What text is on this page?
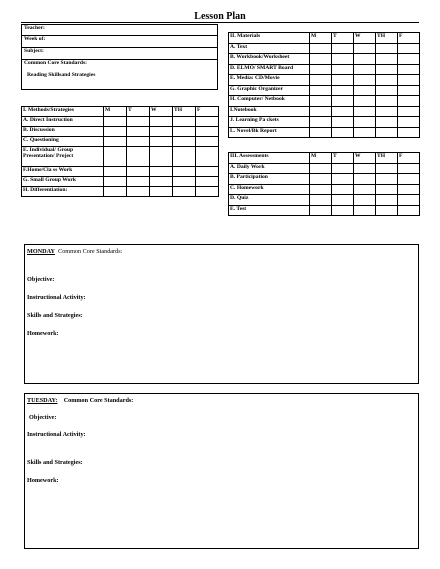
Lesson Plan
Teacher:
Week of:
Subject:
Common Core Standards:
Reading Skillsand Strategies
II. Materials	M	T	W	TH	F
A. Text					
B. Workbook/Worksheet					
D. ELMO/ SMART Board					
E. Media: CD/Movie					
G. Graphic Organizer					
H. Computer/ Netbook					
I.Notebook					
J. Learning Pa ckets					
L. Novel/Bk Report					
I. Methods/Strategies	M	T	W	TH	F
A. Direct Instruction					
B. Discussion					
C. Questioning					
E. Individual/ Group Presentation/ Project					
F.Home/Cla ss Work					
G. Small Group Work					
H. Differentiation:					
III. Assessments	M	T	W	TH	F
A. Daily Work					
B. Participation					
C. Homework					
D. Quiz					
E. Test					
MONDAY Common Core Standards:
Objective:
Instructional Activity:
Skills and Strategies:
Homework:
TUESDAY: Common Core Standards:
Objective:
Instructional Activity:
Skills and Strategies:
Homework:
